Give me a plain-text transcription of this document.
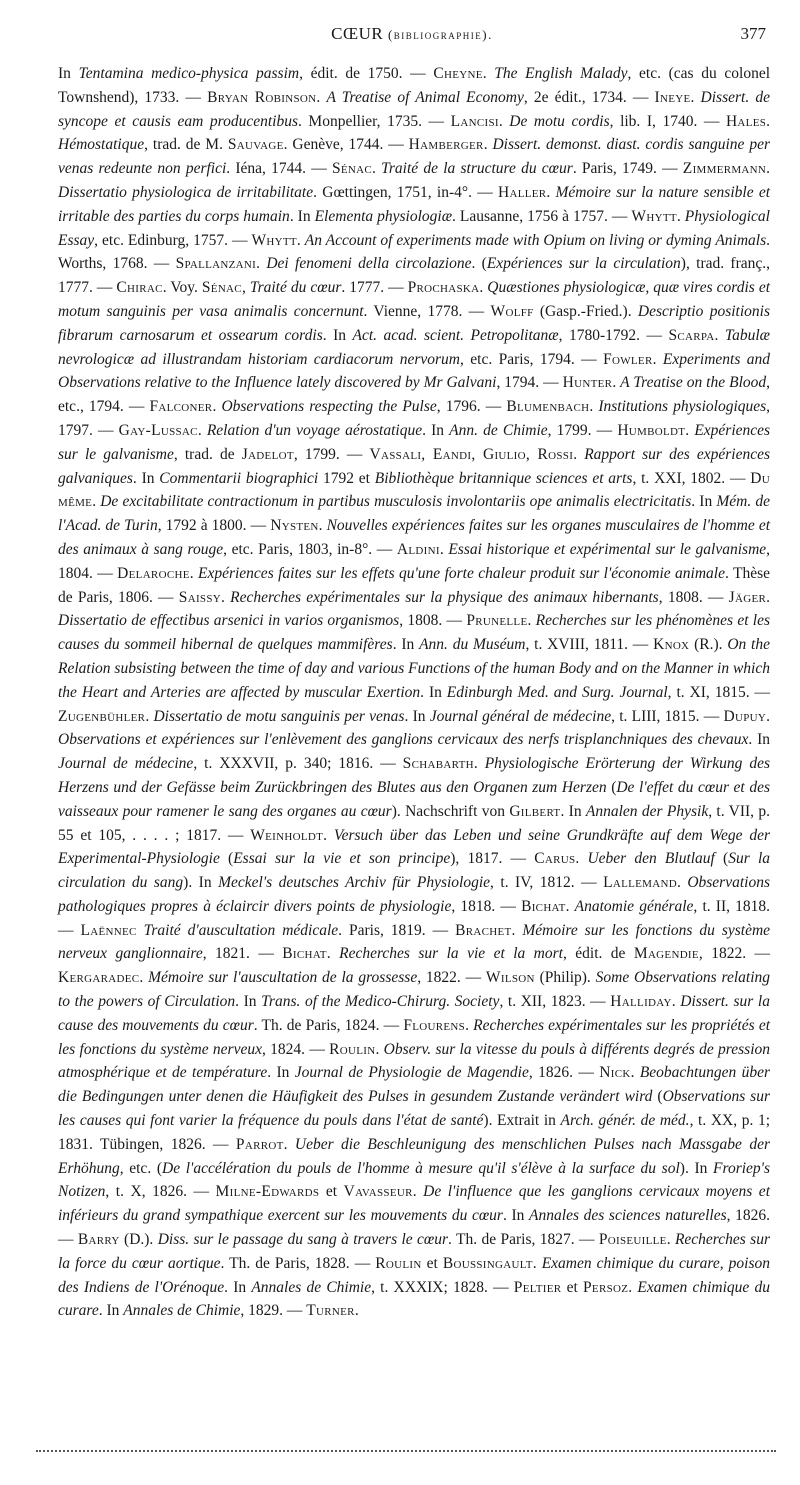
CŒUR (bibliographie).	377
In Tentamina medico-physica passim, édit. de 1750. — Cheyne. The English Malady, etc. (cas du colonel Townshend), 1733. — Bryan Robinson. A Treatise of Animal Economy, 2e édit., 1734. — Ineye. Dissert. de syncope et causis eam producentibus. Monpellier, 1735. — Lancisi. De motu cordis, lib. I, 1740. — Hales. Hémostatique, trad. de M. Sauvage. Genève, 1744. — Hamberger. Dissert. demonst. diast. cordis sanguine per venas redeunte non perfici. Iéna, 1744. — Sénac. Traité de la structure du cœur. Paris, 1749. — Zimmermann. Dissertatio physiologica de irritabilitate. Gœttingen, 1751, in-4°. — Haller. Mémoire sur la nature sensible et irritable des parties du corps humain. In Elementa physiologiæ. Lausanne, 1756 à 1757. — Whytt. Physiological Essay, etc. Edinburg, 1757. — Whytt. An Account of experiments made with Opium on living or dyming Animals. Worths, 1768. — Spallanzani. Dei fenomeni della circolazione. (Expériences sur la circulation), trad. franç., 1777. — Chirac. Voy. Sénac, Traité du cœur. 1777. — Prochaska. Quæstiones physiologicæ, quæ vires cordis et motum sanguinis per vasa animalis concernunt. Vienne, 1778. — Wolff (Gasp.-Fried.). Descriptio positionis fibrarum carnosarum et ossearum cordis. In Act. acad. scient. Petropolitanæ, 1780-1792. — Scarpa. Tabulæ nevrologicæ ad illustrandam historiam cardiacorum nervorum, etc. Paris, 1794. — Fowler. Experiments and Observations relative to the Influence lately discovered by Mr Galvani, 1794. — Hunter. A Treatise on the Blood, etc., 1794. — Falconer. Observations respecting the Pulse, 1796. — Blumenbach. Institutions physiologiques, 1797. — Gay-Lussac. Relation d'un voyage aérostatique. In Ann. de Chimie, 1799. — Humboldt. Expériences sur le galvanisme, trad. de Jadelot, 1799. — Vassali, Eandi, Giulio, Rossi. Rapport sur des expériences galvaniques. In Commentarii biographici 1792 et Bibliothèque britannique sciences et arts, t. XXI, 1802. — Du même. De excitabilitate contractionum in partibus musculosis involontariis ope animalis electricitatis. In Mém. de l'Acad. de Turin, 1792 à 1800. — Nysten. Nouvelles expériences faites sur les organes musculaires de l'homme et des animaux à sang rouge, etc. Paris, 1803, in-8°. — Aldini. Essai historique et expérimental sur le galvanisme, 1804. — Delaroche. Expériences faites sur les effets qu'une forte chaleur produit sur l'économie animale. Thèse de Paris, 1806. — Saissy. Recherches expérimentales sur la physique des animaux hibernants, 1808. — Jäger. Dissertatio de effectibus arsenici in varios organismos, 1808. — Prunelle. Recherches sur les phénomènes et les causes du sommeil hibernal de quelques mammifères. In Ann. du Muséum, t. XVIII, 1811. — Knox (R.). On the Relation subsisting between the time of day and various Functions of the human Body and on the Manner in which the Heart and Arteries are affected by muscular Exertion. In Edinburgh Med. and Surg. Journal, t. XI, 1815. — Zugenbühler. Dissertatio de motu sanguinis per venas. In Journal général de médecine, t. LIII, 1815. — Dupuy. Observations et expériences sur l'enlèvement des ganglions cervicaux des nerfs trisplanchniques des chevaux. In Journal de médecine, t. XXXVII, p. 340; 1816. — Schabarth. Physiologische Erörterung der Wirkung des Herzens und der Gefässe beim Zurückbringen des Blutes aus den Organen zum Herzen (De l'effet du cœur et des vaisseaux pour ramener le sang des organes au cœur). Nachschrift von Gilbert. In Annalen der Physik, t. VII, p. 55 et 105, . . . . ; 1817. — Weinholdt. Versuch über das Leben und seine Grundkräfte auf dem Wege der Experimental-Physiologie (Essai sur la vie et son principe), 1817. — Carus. Ueber den Blutlauf (Sur la circulation du sang). In Meckel's deutsches Archiv für Physiologie, t. IV, 1812. — Lallemand. Observations pathologiques propres à éclaircir divers points de physiologie, 1818. — Bichat. Anatomie générale, t. II, 1818. — Laënnec Traité d'auscultation médicale. Paris, 1819. — Brachet. Mémoire sur les fonctions du système nerveux ganglionnaire, 1821. — Bichat. Recherches sur la vie et la mort, édit. de Magendie, 1822. — Kergaradec. Mémoire sur l'auscultation de la grossesse, 1822. — Wilson (Philip). Some Observations relating to the powers of Circulation. In Trans. of the Medico-Chirurg. Society, t. XII, 1823. — Halliday. Dissert. sur la cause des mouvements du cœur. Th. de Paris, 1824. — Flourens. Recherches expérimentales sur les propriétés et les fonctions du système nerveux, 1824. — Roulin. Observ. sur la vitesse du pouls à différents degrés de pression atmosphérique et de température. In Journal de Physiologie de Magendie, 1826. — Nick. Beobachtungen über die Bedingungen unter denen die Häufigkeit des Pulses in gesundem Zustande verändert wird (Observations sur les causes qui font varier la fréquence du pouls dans l'état de santé). Extrait in Arch. génér. de méd., t. XX, p. 1; 1831. Tübingen, 1826. — Parrot. Ueber die Beschleunigung des menschlichen Pulses nach Massgabe der Erhöhung, etc. (De l'accélération du pouls de l'homme à mesure qu'il s'élève à la surface du sol). In Froriep's Notizen, t. X, 1826. — Milne-Edwards et Vavasseur. De l'influence que les ganglions cervicaux moyens et inférieurs du grand sympathique exercent sur les mouvements du cœur. In Annales des sciences naturelles, 1826. — Barry (D.). Diss. sur le passage du sang à travers le cœur. Th. de Paris, 1827. — Poiseuille. Recherches sur la force du cœur aortique. Th. de Paris, 1828. — Roulin et Boussingault. Examen chimique du curare, poison des Indiens de l'Orénoque. In Annales de Chimie, t. XXXIX; 1828. — Peltier et Persoz. Examen chimique du curare. In Annales de Chimie, 1829. — Turner.
